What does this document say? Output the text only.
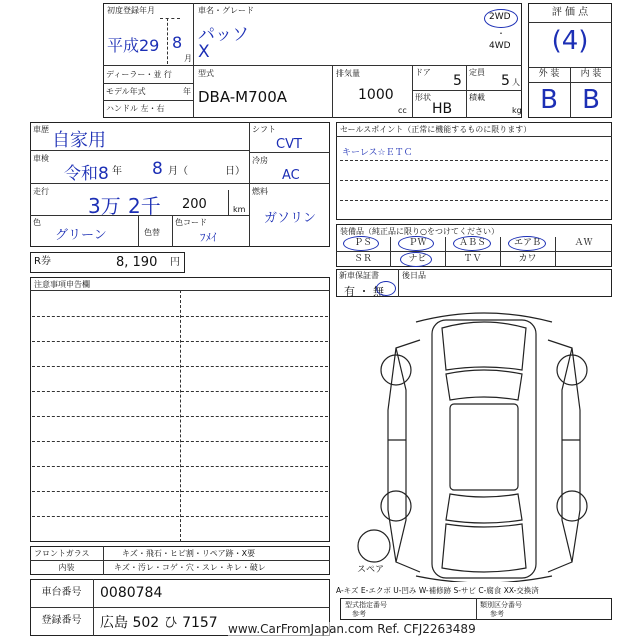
初度登録年月
平成29 8
月
車名・グレード
パッソ
X
2WD
・
4WD
ディーラー・並 行
モデル年式	年
ハンドル 左・右
型式
DBA-M700A
排気量
1000
cc
ドア
5
定員
5 人
形状
HB
積載
kg
評 価 点
(4)
外 装	内 装
B B
車歴
自家用
車検
令和8 年 8 月（	日）
走行
3万 2千 200	km
色
グリーン	色替
色コード
ﾌﾒｲ
シフト
CVT
冷房
AC
燃料
ガソリン
セールスポイント（正常に機能するものに限ります）
キーレス☆ＥＴＣ
装備品（純正品に限り○をつけてください）
ＰＳ	ＰＷ	ＡＢＳ	エアＢ	ＡＷ
ＳＲ	ナビ	ＴＶ	カワ
R券	8, 190 円
新車保証書	後日品
有 ・ 無
注意事項申告欄
スペア
A-キズ E-エクボ U-凹み W-補修跡 S-サビ C-腐食 XX-交換済
型式指定番号
参考
類別区分番号
参考
フロントガラス	キズ・飛石・ヒビ割・リペア跡・X要
内装	キズ・汚レ・コゲ・穴・スレ・キレ・破レ
車台番号	0080784
登録番号	広島 502 ひ 7157 www.CarFromJapan.com Ref. CFJ2263489
